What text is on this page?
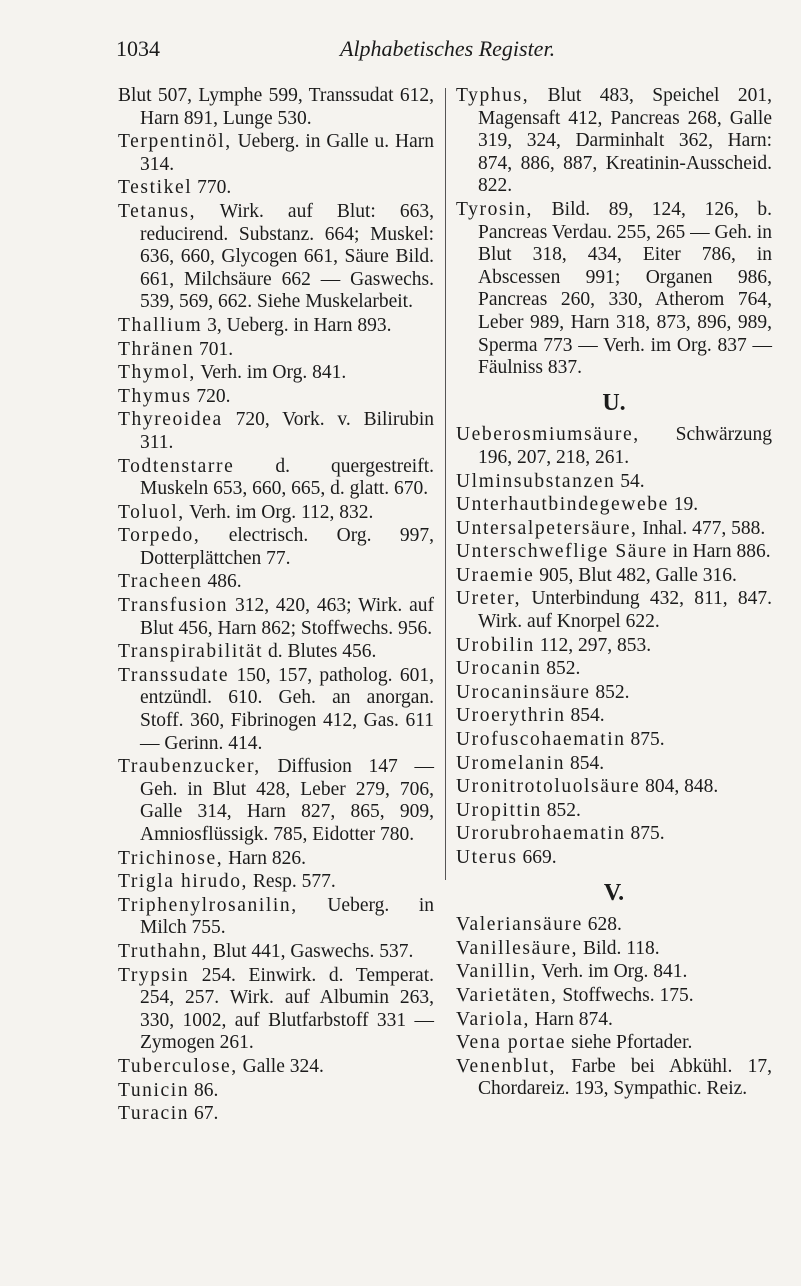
1034	Alphabetisches Register.
Blut 507, Lymphe 599, Transsudat 612, Harn 891, Lunge 530.
Terpentinöl, Ueberg. in Galle u. Harn 314.
Testikel 770.
Tetanus, Wirk. auf Blut: 663, reducirend. Substanz. 664; Muskel: 636, 660, Glycogen 661, Säure Bild. 661, Milchsäure 662 — Gaswechs. 539, 569, 662. Siehe Muskelarbeit.
Thallium 3, Ueberg. in Harn 893.
Thränen 701.
Thymol, Verh. im Org. 841.
Thymus 720.
Thyreoidea 720, Vork. v. Bilirubin 311.
Todtenstarre d. quergestreift. Muskeln 653, 660, 665, d. glatt. 670.
Toluol, Verh. im Org. 112, 832.
Torpedo, electrisch. Org. 997, Dotterplättchen 77.
Tracheen 486.
Transfusion 312, 420, 463; Wirk. auf Blut 456, Harn 862; Stoffwechs. 956.
Transpirabilität d. Blutes 456.
Transsudate 150, 157, patholog. 601, entzündl. 610. Geh. an anorgan. Stoff. 360, Fibrinogen 412, Gas. 611 — Gerinn. 414.
Traubenzucker, Diffusion 147 — Geh. in Blut 428, Leber 279, 706, Galle 314, Harn 827, 865, 909, Amniosflüssigk. 785, Eidotter 780.
Trichinose, Harn 826.
Trigla hirudo, Resp. 577.
Triphenylrosanilin, Ueberg. in Milch 755.
Truthahn, Blut 441, Gaswechs. 537.
Trypsin 254. Einwirk. d. Temperat. 254, 257. Wirk. auf Albumin 263, 330, 1002, auf Blutfarbstoff 331 — Zymogen 261.
Tuberculose, Galle 324.
Tunicin 86.
Turacin 67.
Typhus, Blut 483, Speichel 201, Magensaft 412, Pancreas 268, Galle 319, 324, Darminhalt 362, Harn: 874, 886, 887, Kreatinin-Ausscheid. 822.
Tyrosin, Bild. 89, 124, 126, b. Pancreas Verdau. 255, 265 — Geh. in Blut 318, 434, Eiter 786, in Abscessen 991; Organen 986, Pancreas 260, 330, Atherom 764, Leber 989, Harn 318, 873, 896, 989, Sperma 773 — Verh. im Org. 837 — Fäulniss 837.
U.
Ueberosmiumsäure, Schwärzung 196, 207, 218, 261.
Ulminsubstanzen 54.
Unterhautbindegewebe 19.
Untersalpetersäure, Inhal. 477, 588.
Unterschweflige Säure in Harn 886.
Uraemie 905, Blut 482, Galle 316.
Ureter, Unterbindung 432, 811, 847. Wirk. auf Knorpel 622.
Urobilin 112, 297, 853.
Urocanin 852.
Urocaninsäure 852.
Uroerythrin 854.
Urofuscohaematin 875.
Uromelanin 854.
Uronitrotoluolsäure 804, 848.
Uropittin 852.
Urorubrohaematin 875.
Uterus 669.
V.
Valeriansäure 628.
Vanillesäure, Bild. 118.
Vanillin, Verh. im Org. 841.
Varietäten, Stoffwechs. 175.
Variola, Harn 874.
Vena portae siehe Pfortader.
Venenblut, Farbe bei Abkühl. 17, Chordareiz. 193, Sympathic. Reiz.
